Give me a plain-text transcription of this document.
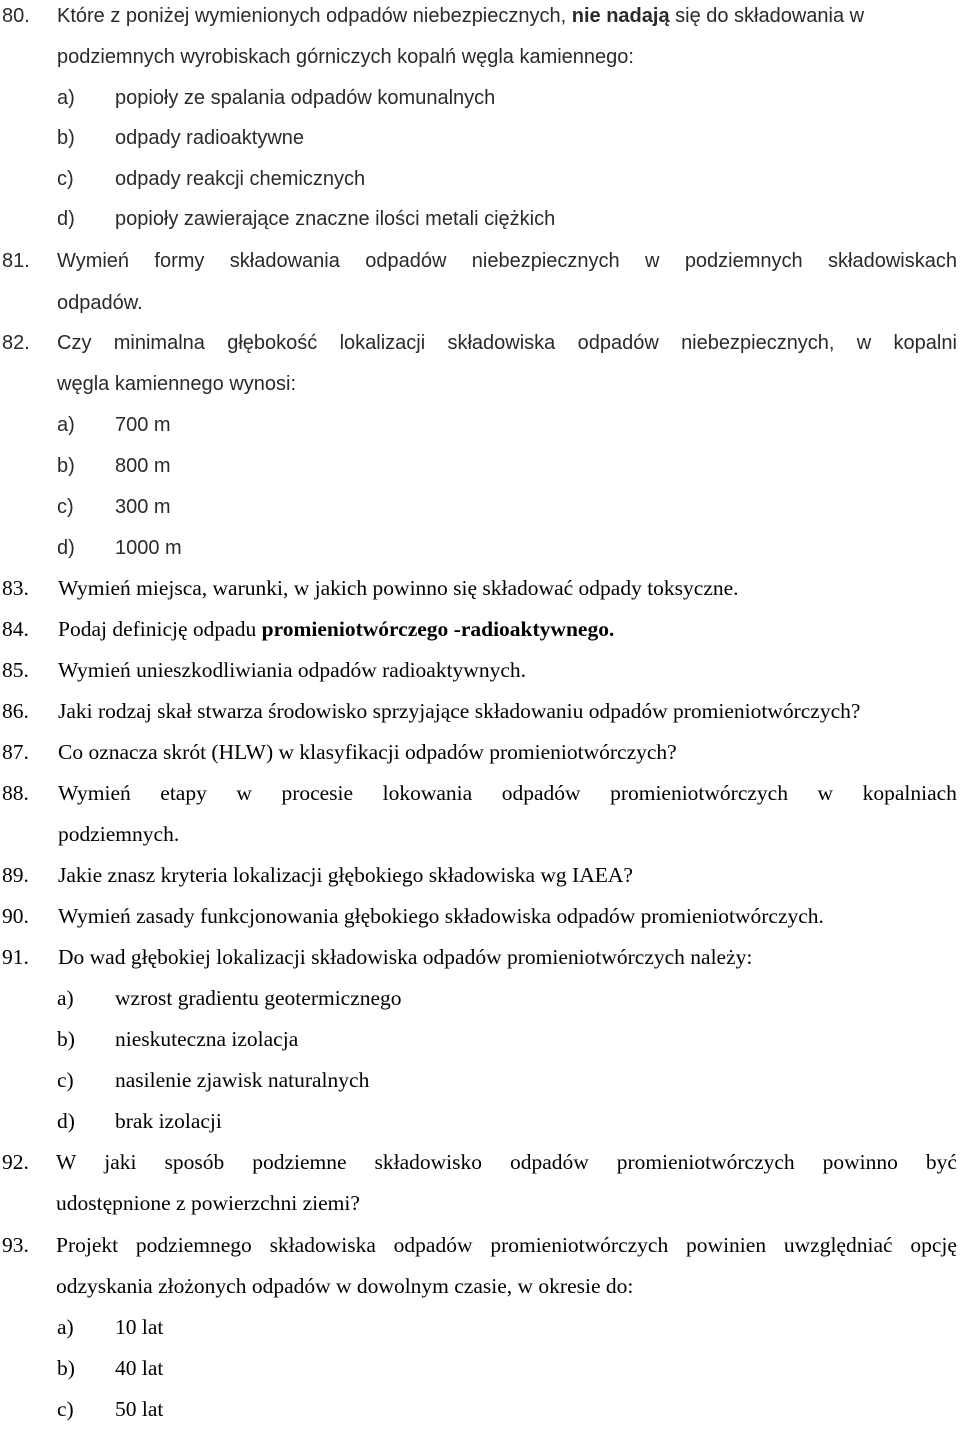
80. Które z poniżej wymienionych odpadów niebezpiecznych, nie nadają się do składowania w
podziemnych wyrobiskach górniczych kopalń węgla kamiennego:
a) popioły ze spalania odpadów komunalnych
b) odpady radioaktywne
c) odpady reakcji chemicznych
d) popioły zawierające znaczne ilości metali ciężkich
81. Wymień formy składowania odpadów niebezpiecznych w podziemnych składowiskach
odpadów.
82. Czy minimalna głębokość lokalizacji składowiska odpadów niebezpiecznych, w kopalni
węgla kamiennego wynosi:
a) 700 m
b) 800 m
c) 300 m
d) 1000 m
83. Wymień miejsca, warunki, w jakich powinno się składować odpady toksyczne.
84. Podaj definicję odpadu promieniotwórczego -radioaktywnego.
85. Wymień unieszkodliwiania odpadów radioaktywnych.
86. Jaki rodzaj skał stwarza środowisko sprzyjające składowaniu odpadów promieniotwórczych?
87. Co oznacza skrót (HLW) w klasyfikacji odpadów promieniotwórczych?
88. Wymień etapy w procesie lokowania odpadów promieniotwórczych w kopalniach
podziemnych.
89. Jakie znasz kryteria lokalizacji głębokiego składowiska wg IAEA?
90. Wymień zasady funkcjonowania głębokiego składowiska odpadów promieniotwórczych.
91. Do wad głębokiej lokalizacji składowiska odpadów promieniotwórczych należy:
a) wzrost gradientu geotermicznego
b) nieskuteczna izolacja
c) nasilenie zjawisk naturalnych
d) brak izolacji
92. W jaki sposób podziemne składowisko odpadów promieniotwórczych powinno być
udostępnione z powierzchni ziemi?
93. Projekt podziemnego składowiska odpadów promieniotwórczych powinien uwzględniać opcję
odzyskania złożonych odpadów w dowolnym czasie, w okresie do:
a) 10 lat
b) 40 lat
c) 50 lat
